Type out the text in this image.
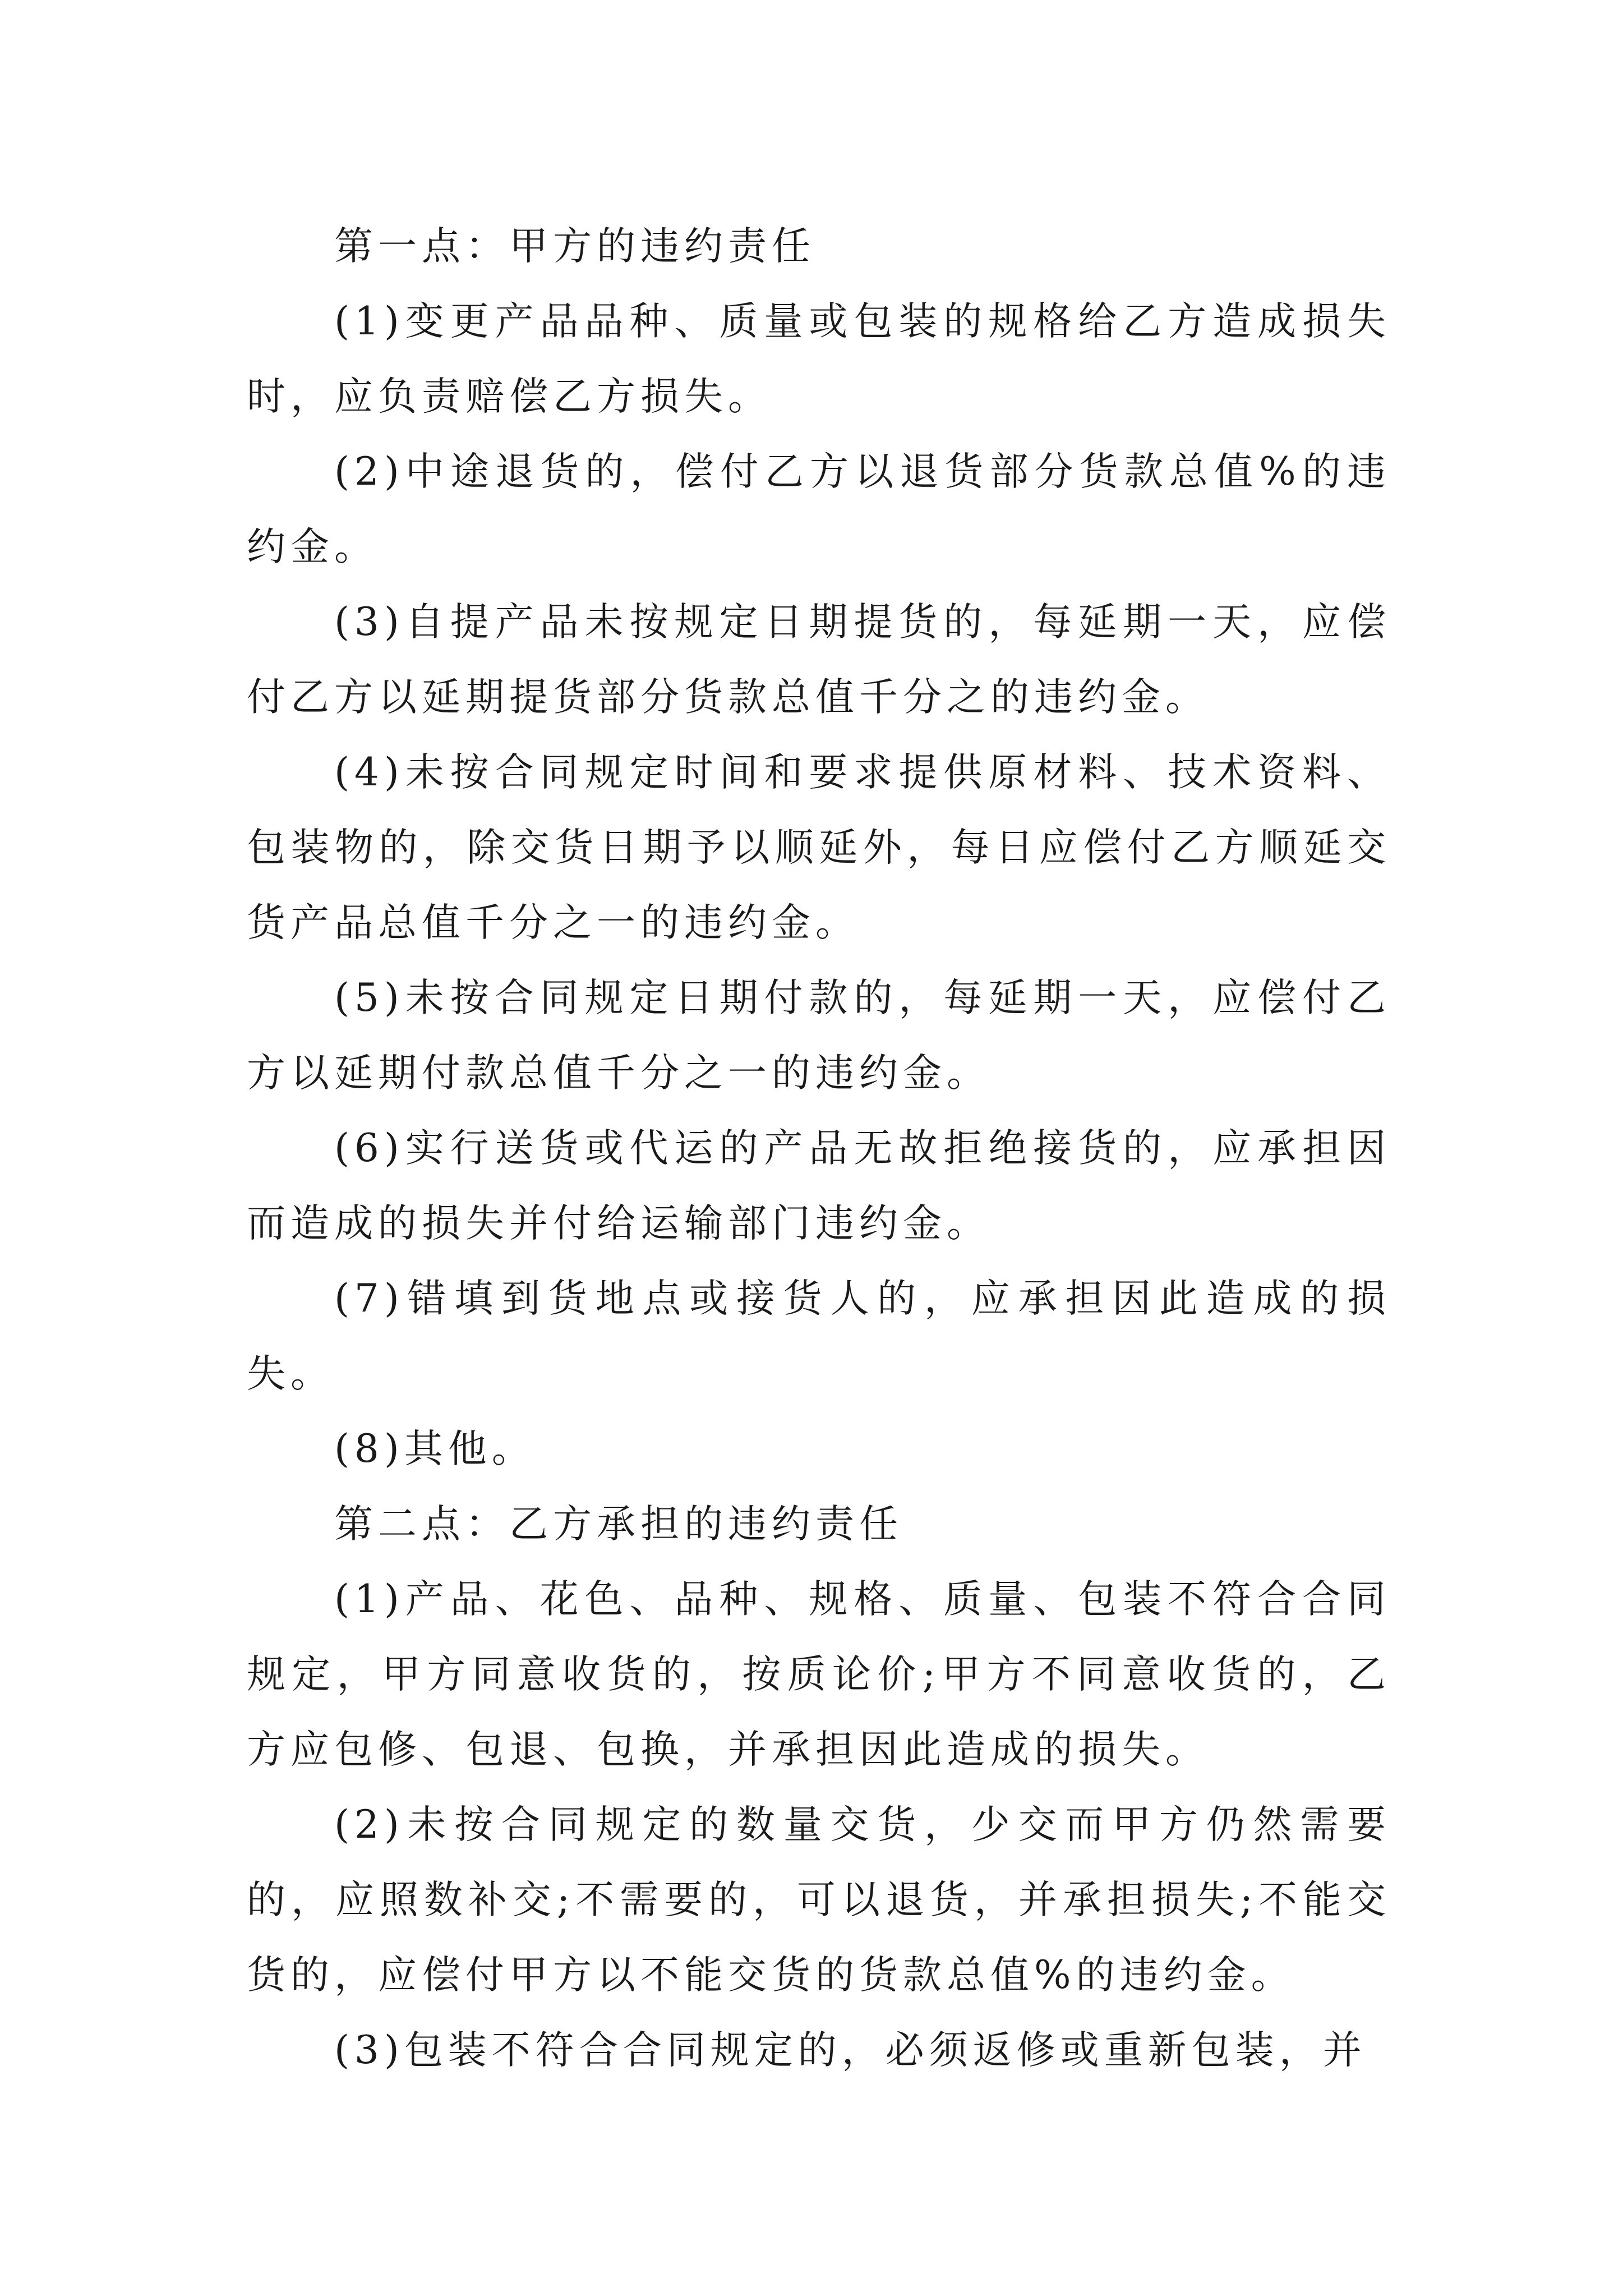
第一点：甲方的违约责任

(1)变更产品品种、质量或包装的规格给乙方造成损失时，应负责赔偿乙方损失。

(2)中途退货的，偿付乙方以退货部分货款总值%的违约金。

(3)自提产品未按规定日期提货的，每延期一天，应偿付乙方以延期提货部分货款总值千分之的违约金。

(4)未按合同规定时间和要求提供原材料、技术资料、包装物的，除交货日期予以顺延外，每日应偿付乙方顺延交货产品总值千分之一的违约金。

(5)未按合同规定日期付款的，每延期一天，应偿付乙方以延期付款总值千分之一的违约金。

(6)实行送货或代运的产品无故拒绝接货的，应承担因而造成的损失并付给运输部门违约金。

(7)错填到货地点或接货人的，应承担因此造成的损失。

(8)其他。

第二点：乙方承担的违约责任

(1)产品、花色、品种、规格、质量、包装不符合合同规定，甲方同意收货的，按质论价;甲方不同意收货的，乙方应包修、包退、包换，并承担因此造成的损失。

(2)未按合同规定的数量交货，少交而甲方仍然需要的，应照数补交;不需要的，可以退货，并承担损失;不能交货的，应偿付甲方以不能交货的货款总值%的违约金。

(3)包装不符合合同规定的，必须返修或重新包装，并
